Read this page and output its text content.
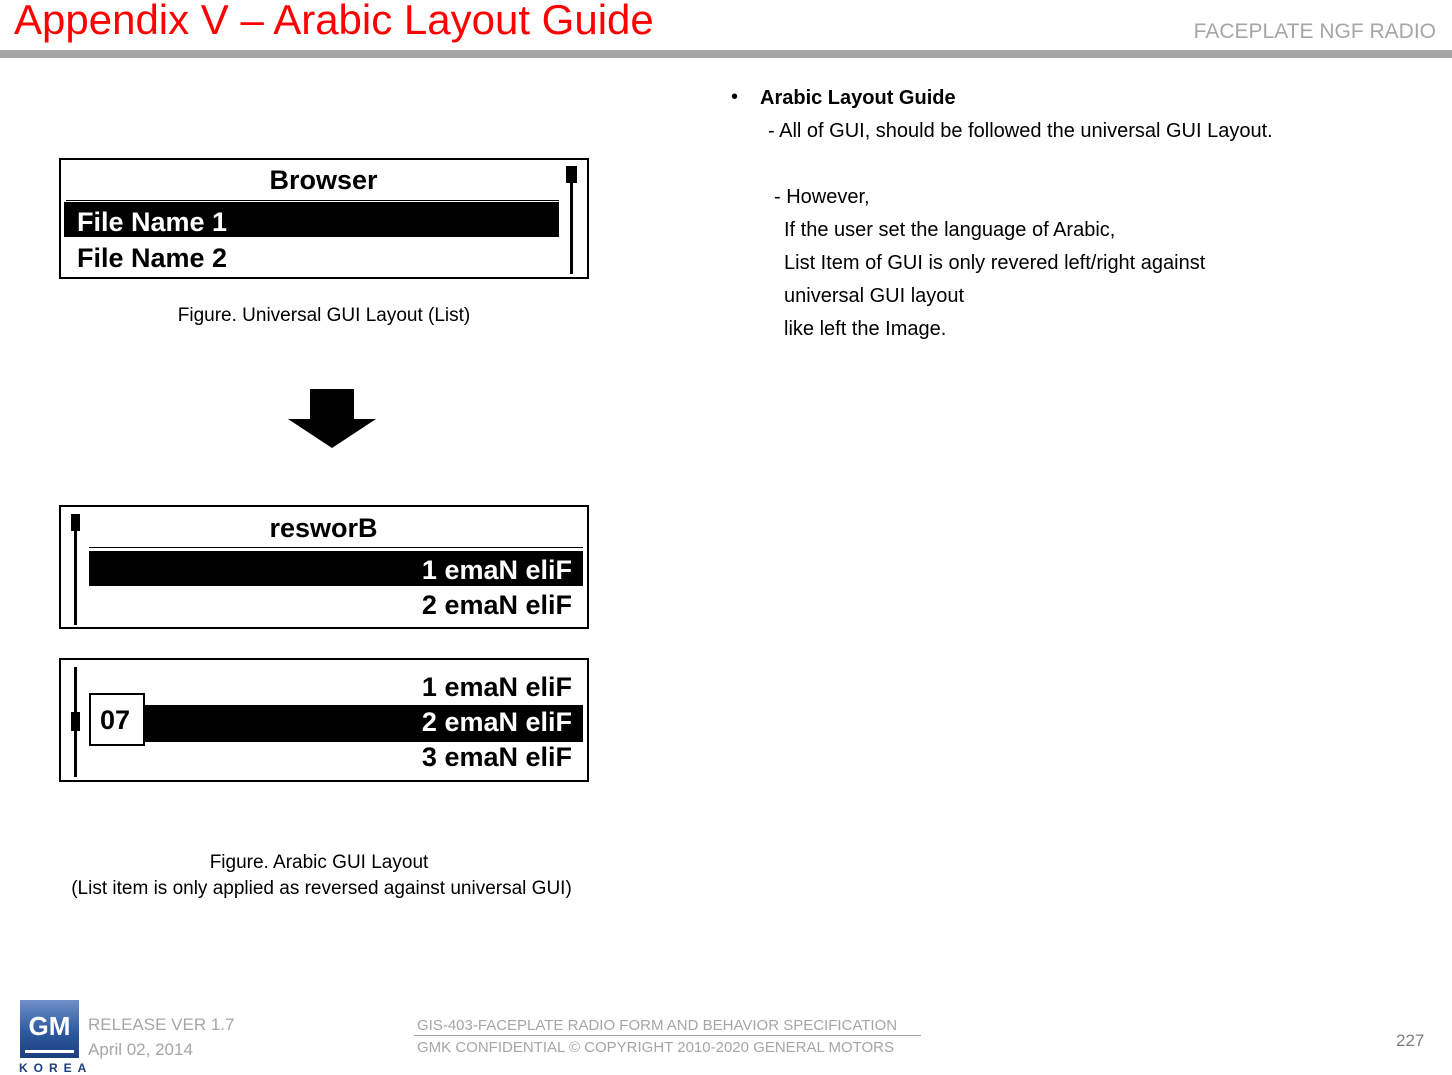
Appendix V – Arabic Layout Guide	FACEPLATE NGF RADIO
Browser
File Name 1
File Name 2
Figure. Universal GUI Layout (List)
resworB
1 emaN eliF
2 emaN eliF
1 emaN eliF
2 emaN eliF
3 emaN eliF
07
Figure. Arabic GUI Layout
(List item is only applied as reversed against universal GUI)
• Arabic Layout Guide
- All of GUI, should be followed the universal GUI Layout.
- However,
If the user set the language of Arabic,
List Item of GUI is only revered left/right against
universal GUI layout
like left the Image.
GM
KOREA
RELEASE VER 1.7
April 02, 2014
GIS-403-FACEPLATE RADIO FORM AND BEHAVIOR SPECIFICATION
GMK CONFIDENTIAL © COPYRIGHT 2010-2020 GENERAL MOTORS	227
